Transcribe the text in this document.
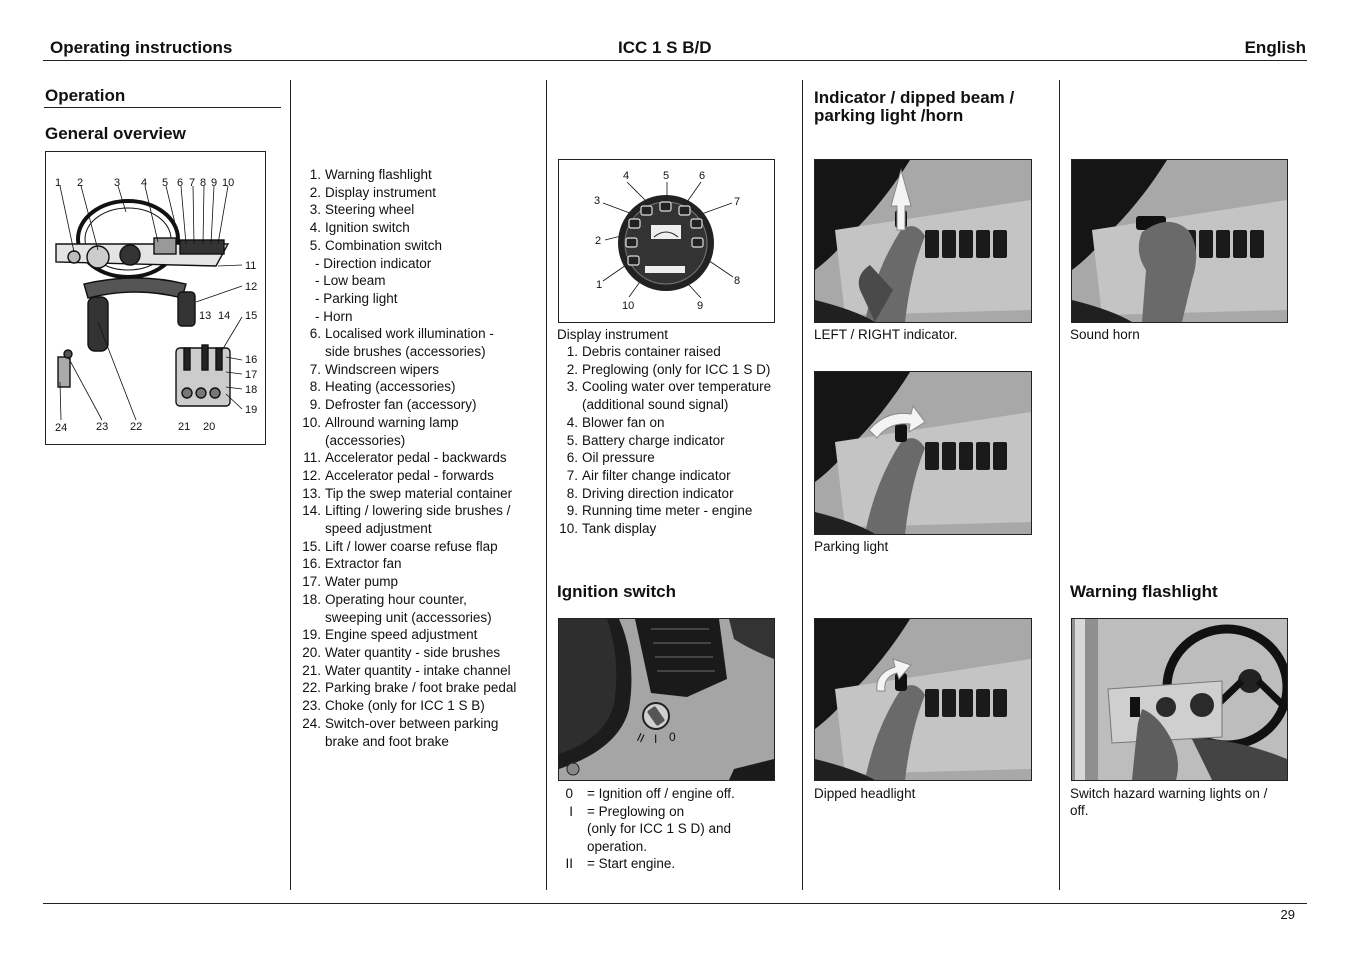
Operating instructions	ICC 1 S B/D	English
Operation
General overview
1 2	3 4 5 6 7 8 9 10
11
12
13 14 15
16
17
18
19
20
21
22
23
24
1. Warning flashlight
2. Display instrument
3. Steering wheel
4. Ignition switch
5. Combination switch
- Direction indicator
- Low beam
- Parking light
- Horn
6. Localised work illumination -
side brushes (accessories)
7. Windscreen wipers
8. Heating (accessories)
9. Defroster fan (accessory)
10. Allround warning lamp
(accessories)
11. Accelerator pedal - backwards
12. Accelerator pedal - forwards
13. Tip the swep material container
14. Lifting / lowering side brushes /
speed adjustment
15. Lift / lower coarse refuse flap
16. Extractor fan
17. Water pump
18. Operating hour counter,
sweeping unit (accessories)
19. Engine speed adjustment
20. Water quantity - side brushes
21. Water quantity - intake channel
22. Parking brake / foot brake pedal
23. Choke (only for ICC 1 S B)
24. Switch-over between parking
brake and foot brake
1
2
3
4	5	6
7
8
9
10
Display instrument
1. Debris container raised
2. Preglowing (only for ICC 1 S D)
3. Cooling water over temperature
(additional sound signal)
4. Blower fan on
5. Battery charge indicator
6. Oil pressure
7. Air filter change indicator
8. Driving direction indicator
9. Running time meter - engine
10. Tank display
Ignition switch
II I 0
0 = Ignition off / engine off.
I = Preglowing on
(only for ICC 1 S D) and
operation.
II = Start engine.
Indicator / dipped beam /
parking light /horn
LEFT / RIGHT indicator.
Parking light
Dipped headlight
Sound horn
Warning flashlight
Switch hazard warning lights on /
off.
29
